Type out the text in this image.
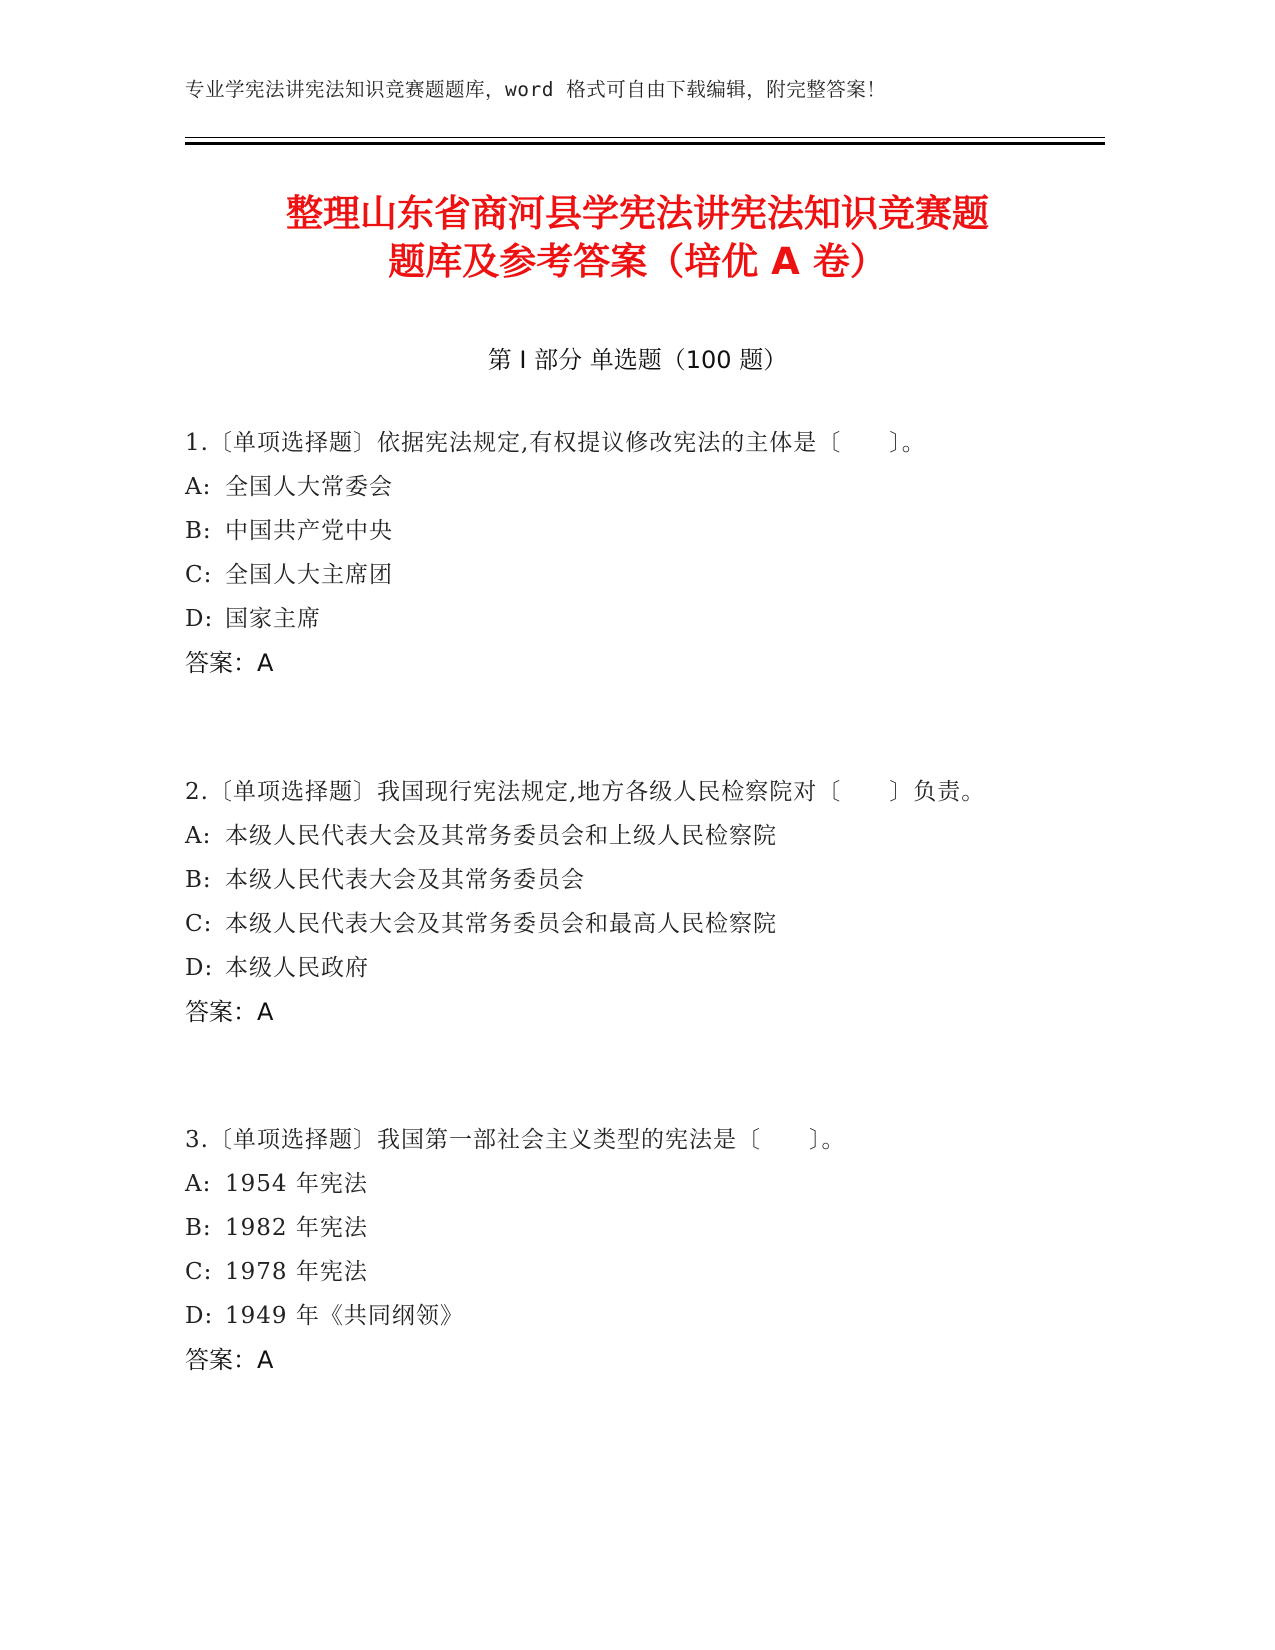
专业学宪法讲宪法知识竞赛题题库，word 格式可自由下载编辑，附完整答案！
整理山东省商河县学宪法讲宪法知识竞赛题
题库及参考答案（培优 A 卷）
第 I 部分 单选题（100 题）

1.〔单项选择题〕依据宪法规定,有权提议修改宪法的主体是〔　　〕。

A: 全国人大常委会
B: 中国共产党中央
C: 全国人大主席团
D: 国家主席
答案：A

2.〔单项选择题〕我国现行宪法规定,地方各级人民检察院对〔　　〕负责。

A: 本级人民代表大会及其常务委员会和上级人民检察院
B: 本级人民代表大会及其常务委员会
C: 本级人民代表大会及其常务委员会和最高人民检察院
D: 本级人民政府
答案：A

3.〔单项选择题〕我国第一部社会主义类型的宪法是〔　　〕。

A: 1954 年宪法
B: 1982 年宪法
C: 1978 年宪法
D: 1949 年《共同纲领》
答案：A
